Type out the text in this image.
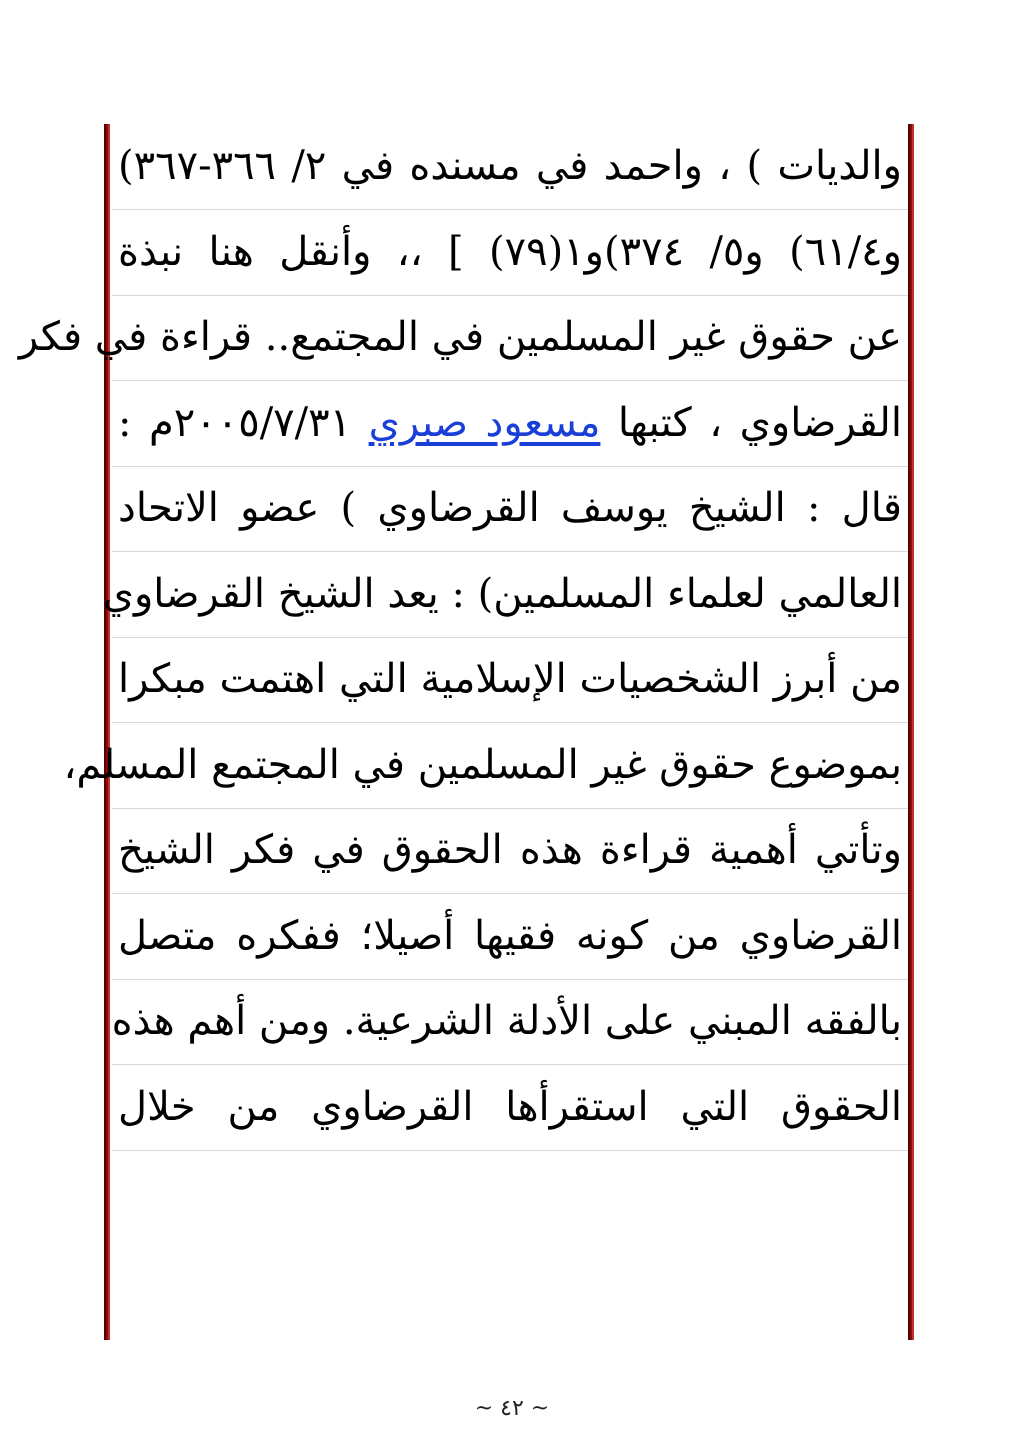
والديات ) ، واحمد في مسنده في ٢/ ٣٦٦-٣٦٧)
و٦١/٤) و٥/ ٣٧٤)و١(٧٩) ] ،، وأنقل هنا نبذة
عن حقوق غير المسلمين في المجتمع.. قراءة في فكر
القرضاوي ، كتبها مسعود صبري ٢٠٠٥/٧/٣١م :
قال : الشيخ يوسف القرضاوي ) عضو الاتحاد
العالمي لعلماء المسلمين) : يعد الشيخ القرضاوي
من أبرز الشخصيات الإسلامية التي اهتمت مبكرا
بموضوع حقوق غير المسلمين في المجتمع المسلم،
وتأتي أهمية قراءة هذه الحقوق في فكر الشيخ
القرضاوي من كونه فقيها أصيلا؛ ففكره متصل
بالفقه المبني على الأدلة الشرعية. ومن أهم هذه
الحقوق التي استقرأها القرضاوي من خلال
~ ٤٢ ~
